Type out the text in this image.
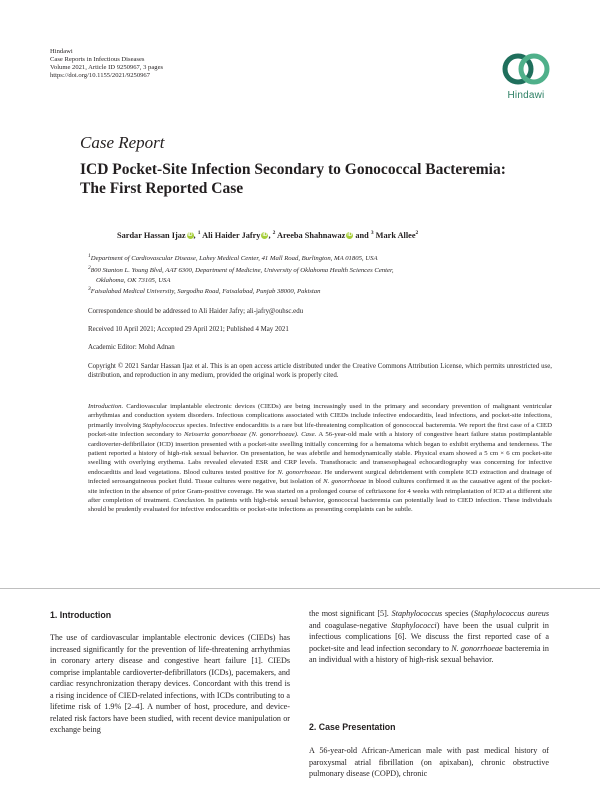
Hindawi
Case Reports in Infectious Diseases
Volume 2021, Article ID 9250967, 3 pages
https://doi.org/10.1155/2021/9250967
Hindawi
Case Report
ICD Pocket-Site Infection Secondary to Gonococcal Bacteremia:
The First Reported Case
Sardar Hassan Ijaz iD, $^1$ Ali Haider Jafry iD, $^2$ Areeba Shahnawaz iD and $^3$ Mark Allee$^2$
$^1$Department of Cardiovascular Disease, Lahey Medical Center, 41 Mall Road, Burlington, MA 01805, USA
$^2$800 Stanton L. Young Blvd, AAT 6300, Department of Medicine, University of Oklahoma Health Sciences Center,
Oklahoma, OK 73105, USA
$^3$Faisalabad Medical University, Sargodha Road, Faisalabad, Punjab 38000, Pakistan
Correspondence should be addressed to Ali Haider Jafry; ali-jafry@ouhsc.edu
Received 10 April 2021; Accepted 29 April 2021; Published 4 May 2021
Academic Editor: Mohd Adnan
Copyright © 2021 Sardar Hassan Ijaz et al. This is an open access article distributed under the Creative Commons Attribution License, which permits unrestricted use, distribution, and reproduction in any medium, provided the original work is properly cited.
Introduction. Cardiovascular implantable electronic devices (CIEDs) are being increasingly used in the primary and secondary prevention of malignant ventricular arrhythmias and conduction system disorders. Infectious complications associated with CIEDs include infective endocarditis, lead infections, and pocket-site infections, primarily involving Staphylococcus species. Infective endocarditis is a rare but life-threatening complication of gonococcal bacteremia. We report the first case of a CIED pocket-site infection secondary to Neisseria gonorrhoeae (N. gonorrhoeae). Case. A 56-year-old male with a history of congestive heart failure status postimplantable cardioverter-defibrillator (ICD) insertion presented with a pocket-site swelling initially concerning for a hematoma which began to exhibit erythema and tenderness. The patient reported a history of high-risk sexual behavior. On presentation, he was afebrile and hemodynamically stable. Physical exam showed a 5 cm × 6 cm pocket-site swelling with overlying erythema. Labs revealed elevated ESR and CRP levels. Transthoracic and transesophageal echocardiography was concerning for infective endocarditis and lead vegetations. Blood cultures tested positive for N. gonorrhoeae. He underwent surgical debridement with complete ICD extraction and drainage of infected serosanguineous pocket fluid. Tissue cultures were negative, but isolation of N. gonorrhoeae in blood cultures confirmed it as the causative agent of the pocket-site infection in the absence of prior Gram-positive coverage. He was started on a prolonged course of ceftriaxone for 4 weeks with reimplantation of ICD at a different site after completion of treatment. Conclusion. In patients with high-risk sexual behavior, gonococcal bacteremia can potentially lead to CIED infection. These individuals should be prudently evaluated for infective endocarditis or pocket-site infections as presenting complaints can be subtle.
1. Introduction

The use of cardiovascular implantable electronic devices (CIEDs) has increased significantly for the prevention of life-threatening arrhythmias in coronary artery disease and congestive heart failure [1]. CIEDs comprise implantable cardioverter-defibrillators (ICDs), pacemakers, and cardiac resynchronization therapy devices. Concordant with this trend is a rising incidence of CIED-related infections, with ICDs contributing to a lifetime risk of 1.9% [2–4]. A number of host, procedure, and device-related risk factors have been studied, with recent device manipulation or exchange being

the most significant [5]. Staphylococcus species (Staphylococcus aureus and coagulase-negative Staphylococci) have been the usual culprit in infectious complications [6]. We discuss the first reported case of a pocket-site and lead infection secondary to N. gonorrhoeae bacteremia in an individual with a history of high-risk sexual behavior.

2. Case Presentation

A 56-year-old African-American male with past medical history of paroxysmal atrial fibrillation (on apixaban), chronic obstructive pulmonary disease (COPD), chronic
